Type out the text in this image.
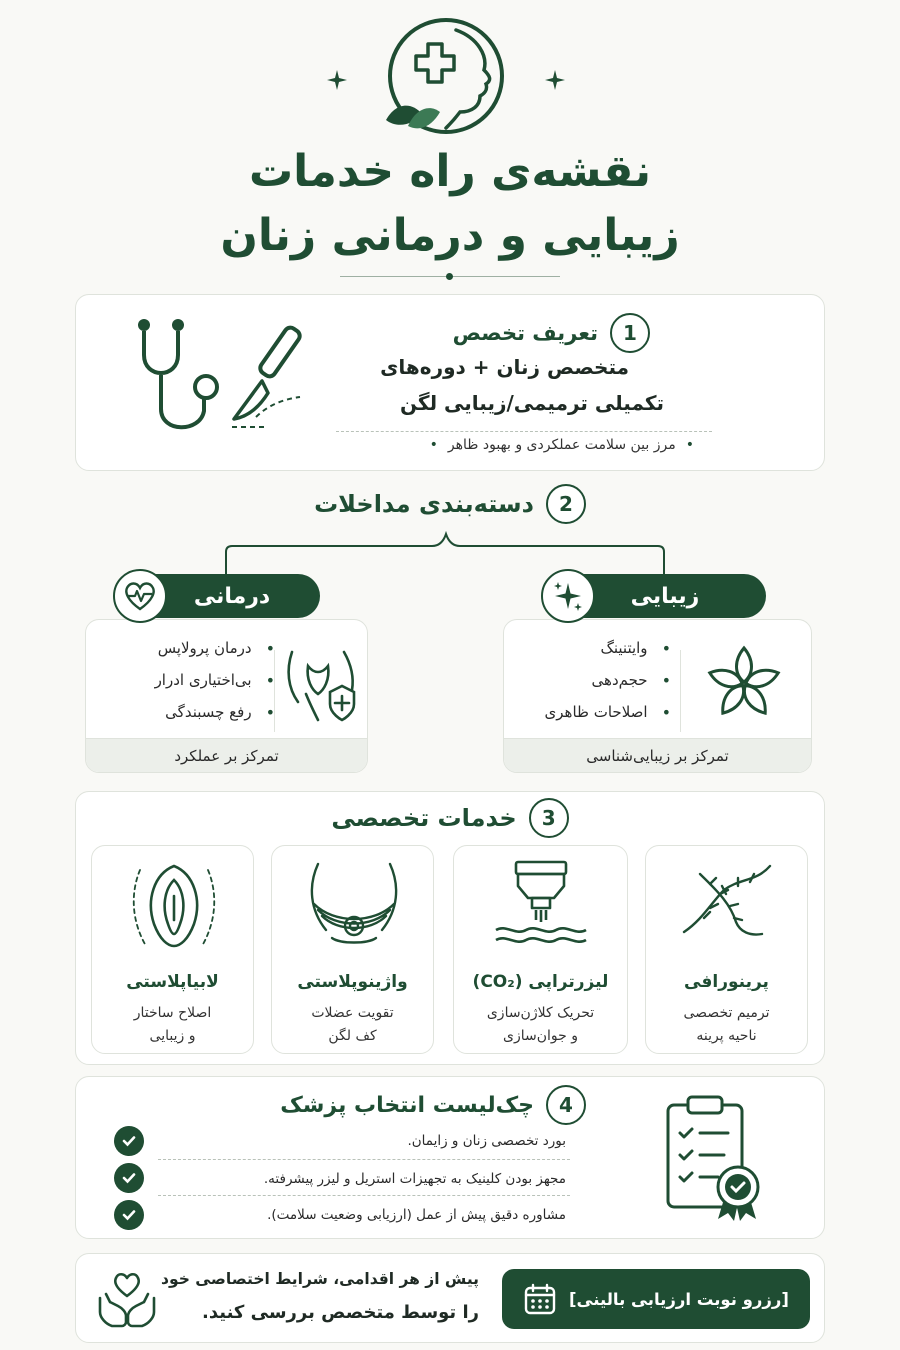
نقشه‌ی راه خدمات
زیبایی و درمانی زنان
1
تعریف تخصص
متخصص زنان + دوره‌های
تکمیلی ترمیمی/زیبایی لگن
•مرز بین سلامت عملکردی و بهبود ظاهر•
2
دسته‌بندی مداخلات
• وایتنینگ
• حجم‌دهی
• اصلاحات ظاهری
تمرکز بر زیبایی‌شناسی
زیبایی
• درمان پرولاپس
• بی‌اختیاری ادرار
• رفع چسبندگی
تمرکز بر عملکرد
درمانی
3
خدمات تخصصی
پرینورافی
ترمیم تخصصی
ناحیه پرینه
لیزرتراپی (CO₂)
تحریک کلاژن‌سازی
و جوان‌سازی
واژینوپلاستی
تقویت عضلات
کف لگن
لابیاپلاستی
اصلاح ساختار
و زیبایی
4
چک‌لیست انتخاب پزشک
بورد تخصصی زنان و زایمان.
مجهز بودن کلینیک به تجهیزات استریل و لیزر پیشرفته.
مشاوره دقیق پیش از عمل (ارزیابی وضعیت سلامت).
پیش از هر اقدامی، شرایط اختصاصی خود
را توسط متخصص بررسی کنید.
[رزرو نوبت ارزیابی بالینی]
